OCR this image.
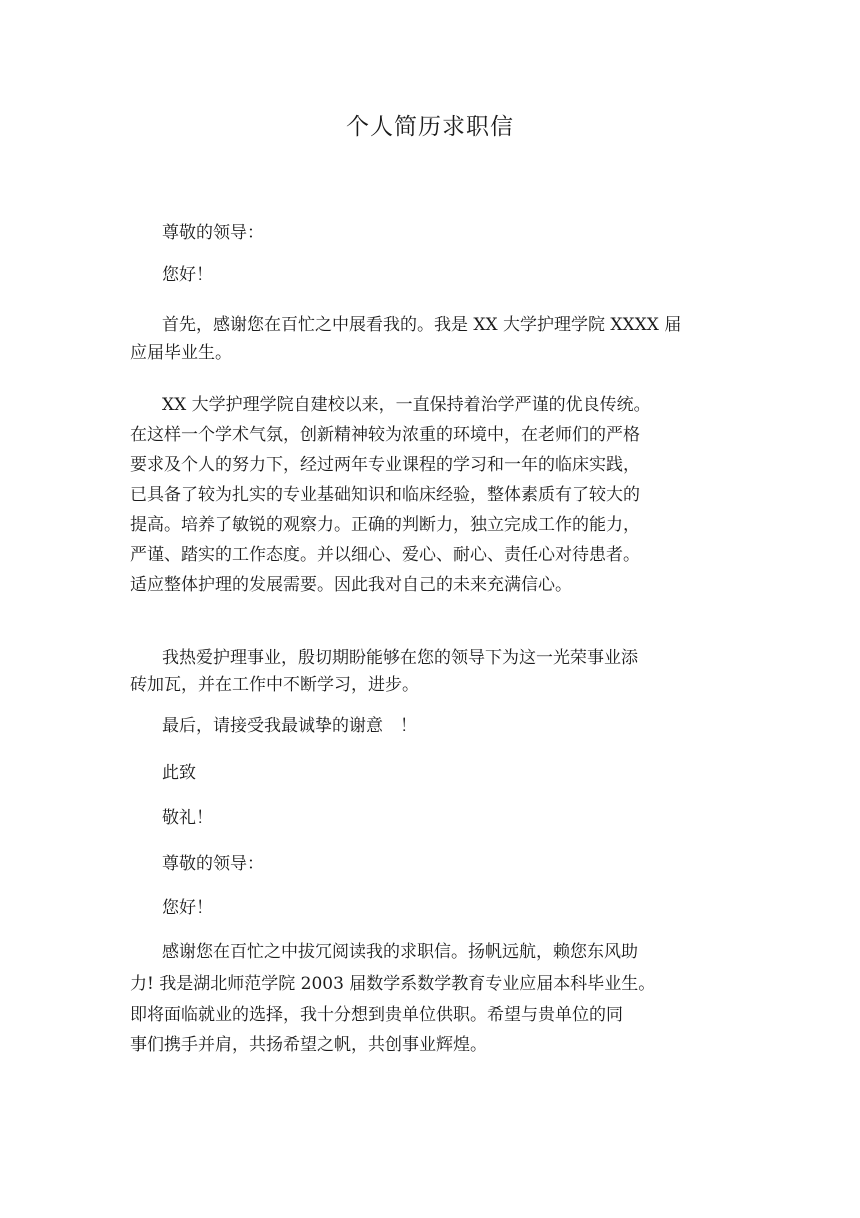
个人简历求职信
尊敬的领导：
您好！
首先，感谢您在百忙之中展看我的。我是 XX 大学护理学院 XXXX 届
应届毕业生。
XX 大学护理学院自建校以来，一直保持着治学严谨的优良传统。
在这样一个学术气氛，创新精神较为浓重的环境中，在老师们的严格
要求及个人的努力下，经过两年专业课程的学习和一年的临床实践，
已具备了较为扎实的专业基础知识和临床经验，整体素质有了较大的
提高。培养了敏锐的观察力。正确的判断力，独立完成工作的能力，
严谨、踏实的工作态度。并以细心、爱心、耐心、责任心对待患者。
适应整体护理的发展需要。因此我对自己的未来充满信心。
我热爱护理事业，殷切期盼能够在您的领导下为这一光荣事业添
砖加瓦，并在工作中不断学习，进步。
最后，请接受我最诚挚的谢意　！
此致
敬礼！
尊敬的领导：
您好！
感谢您在百忙之中拔冗阅读我的求职信。扬帆远航，赖您东风助
力! 我是湖北师范学院 2003 届数学系数学教育专业应届本科毕业生。
即将面临就业的选择，我十分想到贵单位供职。希望与贵单位的同
事们携手并肩，共扬希望之帆，共创事业辉煌。
